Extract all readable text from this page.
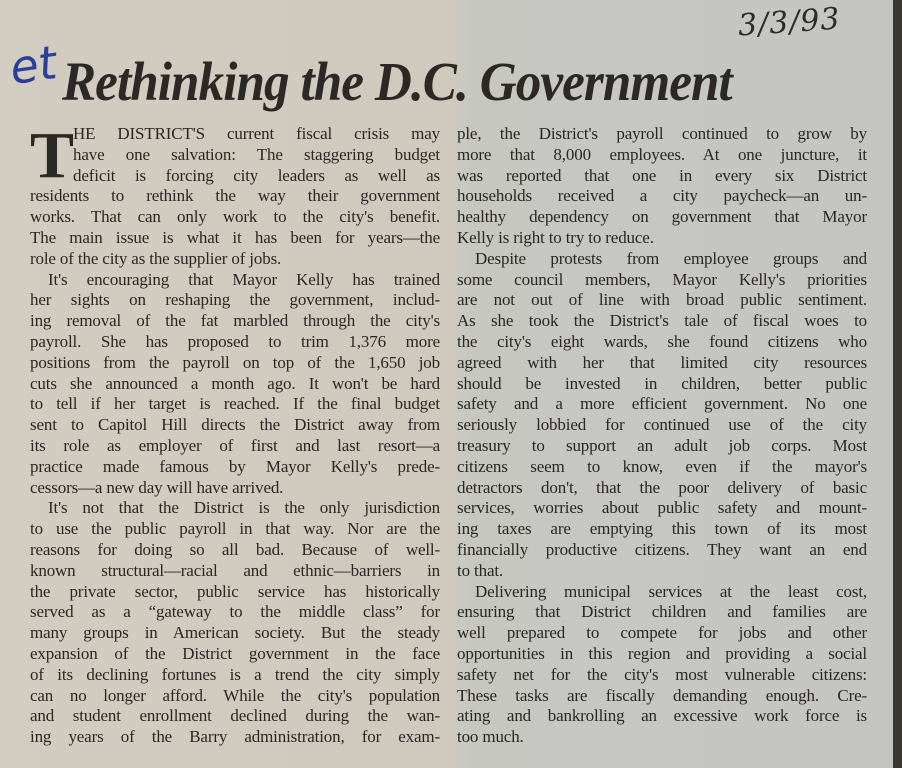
et
3/3/93
Rethinking the D.C. Government
T
HE DISTRICT'S current fiscal crisis may
have one salvation: The staggering budget
deficit is forcing city leaders as well as
residents to rethink the way their government
works. That can only work to the city's benefit.
The main issue is what it has been for years—the
role of the city as the supplier of jobs.
It's encouraging that Mayor Kelly has trained
her sights on reshaping the government, includ-
ing removal of the fat marbled through the city's
payroll. She has proposed to trim 1,376 more
positions from the payroll on top of the 1,650 job
cuts she announced a month ago. It won't be hard
to tell if her target is reached. If the final budget
sent to Capitol Hill directs the District away from
its role as employer of first and last resort—a
practice made famous by Mayor Kelly's prede-
cessors—a new day will have arrived.
It's not that the District is the only jurisdiction
to use the public payroll in that way. Nor are the
reasons for doing so all bad. Because of well-
known structural—racial and ethnic—barriers in
the private sector, public service has historically
served as a “gateway to the middle class” for
many groups in American society. But the steady
expansion of the District government in the face
of its declining fortunes is a trend the city simply
can no longer afford. While the city's population
and student enrollment declined during the wan-
ing years of the Barry administration, for exam-
ple, the District's payroll continued to grow by
more that 8,000 employees. At one juncture, it
was reported that one in every six District
households received a city paycheck—an un-
healthy dependency on government that Mayor
Kelly is right to try to reduce.
Despite protests from employee groups and
some council members, Mayor Kelly's priorities
are not out of line with broad public sentiment.
As she took the District's tale of fiscal woes to
the city's eight wards, she found citizens who
agreed with her that limited city resources
should be invested in children, better public
safety and a more efficient government. No one
seriously lobbied for continued use of the city
treasury to support an adult job corps. Most
citizens seem to know, even if the mayor's
detractors don't, that the poor delivery of basic
services, worries about public safety and mount-
ing taxes are emptying this town of its most
financially productive citizens. They want an end
to that.
Delivering municipal services at the least cost,
ensuring that District children and families are
well prepared to compete for jobs and other
opportunities in this region and providing a social
safety net for the city's most vulnerable citizens:
These tasks are fiscally demanding enough. Cre-
ating and bankrolling an excessive work force is
too much.
